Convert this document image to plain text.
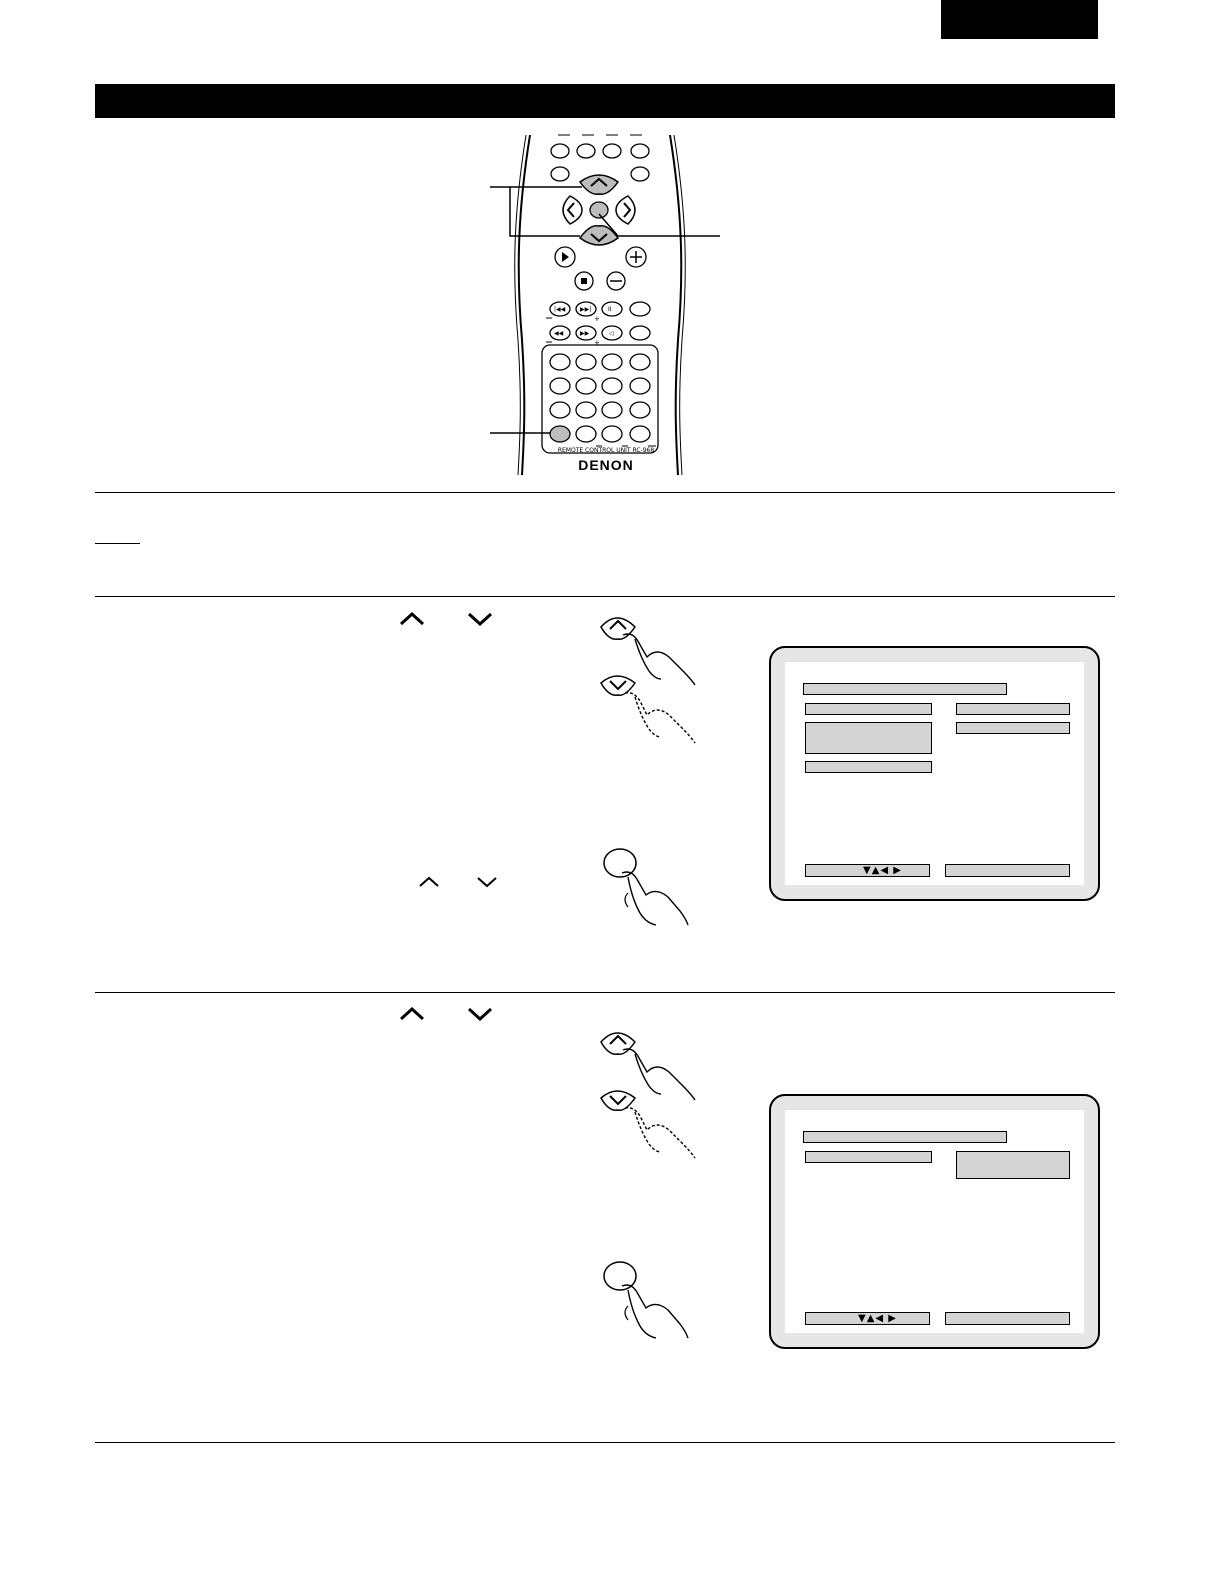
|◀◀ ▶▶|	II
◀◀	▶▶	◁
+
+
REMOTE CONTROL UNIT RC-968
DENON
▼▲◀ ▶
▼▲◀ ▶
